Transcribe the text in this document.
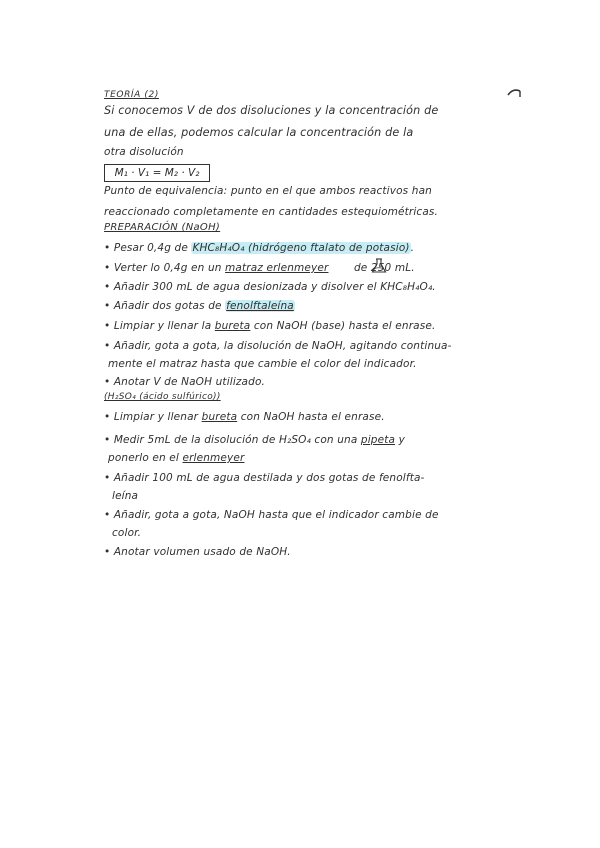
TEORÍA (2)
Si conocemos V de dos disoluciones y la concentración de
una de ellas, podemos calcular la concentración de la
otra disolución
M₁ · V₁ = M₂ · V₂
Punto de equivalencia: punto en el que ambos reactivos han
reaccionado completamente en cantidades estequiométricas.
PREPARACIÓN (NaOH)
• Pesar 0,4g de KHC₈H₄O₄ (hidrógeno ftalato de potasio).
• Verter lo 0,4g en un matraz erlenmeyer de 250 mL.
• Añadir 300 mL de agua desionizada y disolver el KHC₈H₄O₄.
• Añadir dos gotas de fenolftaleína
• Limpiar y llenar la bureta con NaOH (base) hasta el enrase.
• Añadir, gota a gota, la disolución de NaOH, agitando continua-
mente el matraz hasta que cambie el color del indicador.
• Anotar V de NaOH utilizado.
(H₂SO₄ (ácido sulfúrico))
• Limpiar y llenar bureta con NaOH hasta el enrase.
• Medir 5mL de la disolución de H₂SO₄ con una pipeta y
ponerlo en el erlenmeyer
• Añadir 100 mL de agua destilada y dos gotas de fenolfta-
leína
• Añadir, gota a gota, NaOH hasta que el indicador cambie de
color.
• Anotar volumen usado de NaOH.
